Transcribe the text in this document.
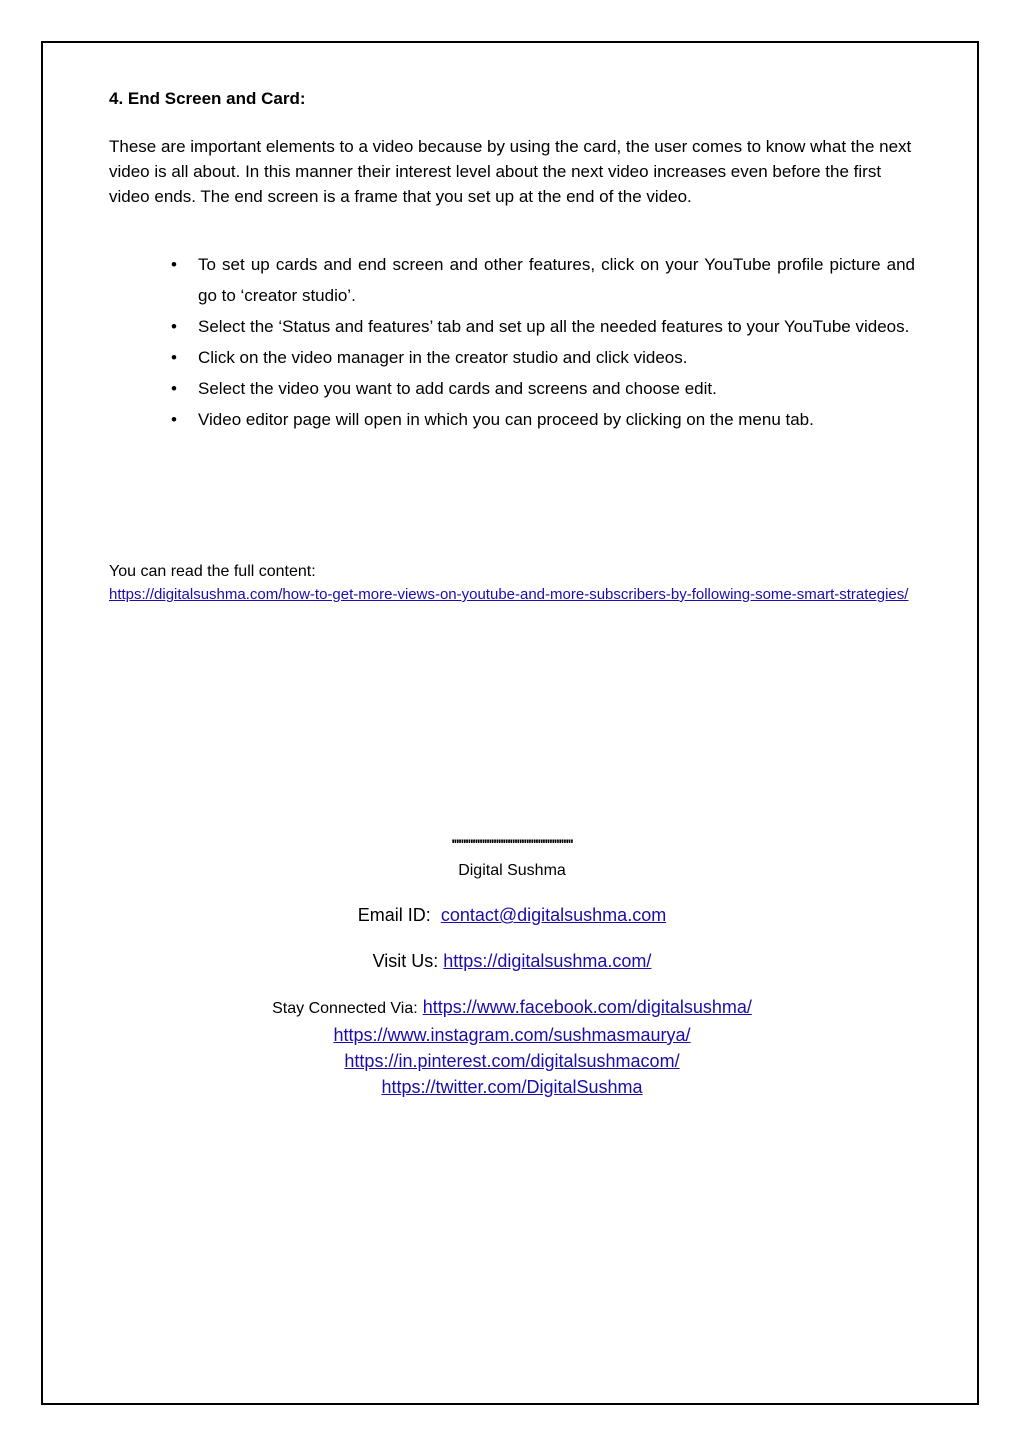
4. End Screen and Card:

These are important elements to a video because by using the card, the user comes to know what the next video is all about. In this manner their interest level about the next video increases even before the first video ends. The end screen is a frame that you set up at the end of the video.

• To set up cards and end screen and other features, click on your YouTube profile picture and go to ‘creator studio’.
• Select the ‘Status and features’ tab and set up all the needed features to your YouTube videos.
• Click on the video manager in the creator studio and click videos.
• Select the video you want to add cards and screens and choose edit.
• Video editor page will open in which you can proceed by clicking on the menu tab.

You can read the full content:

https://digitalsushma.com/how-to-get-more-views-on-youtube-and-more-subscribers-by-following-some-smart-strategies/

''''''''''''''''''''''''''''''''''''''''''''''''''''

Digital Sushma

Email ID: contact@digitalsushma.com

Visit Us: https://digitalsushma.com/

Stay Connected Via: https://www.facebook.com/digitalsushma/
https://www.instagram.com/sushmasmaurya/
https://in.pinterest.com/digitalsushmacom/
https://twitter.com/DigitalSushma
